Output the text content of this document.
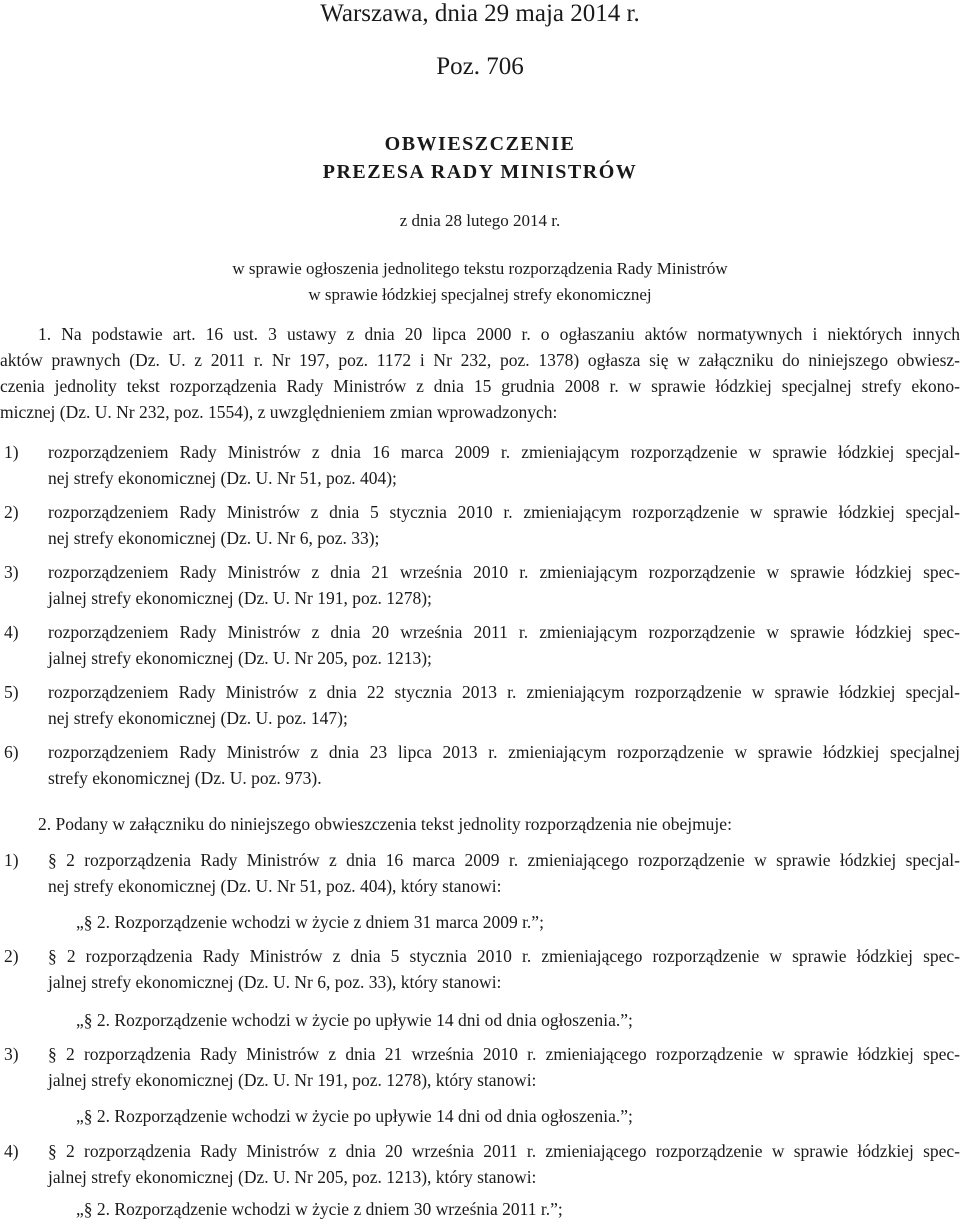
Warszawa, dnia 29 maja 2014 r.
Poz. 706
OBWIESZCZENIE
PREZESA RADY MINISTRÓW
z dnia 28 lutego 2014 r.
w sprawie ogłoszenia jednolitego tekstu rozporządzenia Rady Ministrów
w sprawie łódzkiej specjalnej strefy ekonomicznej
1. Na podstawie art. 16 ust. 3 ustawy z dnia 20 lipca 2000 r. o ogłaszaniu aktów normatywnych i niektórych innych
aktów prawnych (Dz. U. z 2011 r. Nr 197, poz. 1172 i Nr 232, poz. 1378) ogłasza się w załączniku do niniejszego obwiesz-
czenia jednolity tekst rozporządzenia Rady Ministrów z dnia 15 grudnia 2008 r. w sprawie łódzkiej specjalnej strefy ekono-
micznej (Dz. U. Nr 232, poz. 1554), z uwzględnieniem zmian wprowadzonych:
1) rozporządzeniem Rady Ministrów z dnia 16 marca 2009 r. zmieniającym rozporządzenie w sprawie łódzkiej specjal-
nej strefy ekonomicznej (Dz. U. Nr 51, poz. 404);
2) rozporządzeniem Rady Ministrów z dnia 5 stycznia 2010 r. zmieniającym rozporządzenie w sprawie łódzkiej specjal-
nej strefy ekonomicznej (Dz. U. Nr 6, poz. 33);
3) rozporządzeniem Rady Ministrów z dnia 21 września 2010 r. zmieniającym rozporządzenie w sprawie łódzkiej spec-
jalnej strefy ekonomicznej (Dz. U. Nr 191, poz. 1278);
4) rozporządzeniem Rady Ministrów z dnia 20 września 2011 r. zmieniającym rozporządzenie w sprawie łódzkiej spec-
jalnej strefy ekonomicznej (Dz. U. Nr 205, poz. 1213);
5) rozporządzeniem Rady Ministrów z dnia 22 stycznia 2013 r. zmieniającym rozporządzenie w sprawie łódzkiej specjal-
nej strefy ekonomicznej (Dz. U. poz. 147);
6) rozporządzeniem Rady Ministrów z dnia 23 lipca 2013 r. zmieniającym rozporządzenie w sprawie łódzkiej specjalnej
strefy ekonomicznej (Dz. U. poz. 973).
2. Podany w załączniku do niniejszego obwieszczenia tekst jednolity rozporządzenia nie obejmuje:
1) § 2 rozporządzenia Rady Ministrów z dnia 16 marca 2009 r. zmieniającego rozporządzenie w sprawie łódzkiej specjal-
nej strefy ekonomicznej (Dz. U. Nr 51, poz. 404), który stanowi:
„§ 2. Rozporządzenie wchodzi w życie z dniem 31 marca 2009 r.”;
2) § 2 rozporządzenia Rady Ministrów z dnia 5 stycznia 2010 r. zmieniającego rozporządzenie w sprawie łódzkiej spec-
jalnej strefy ekonomicznej (Dz. U. Nr 6, poz. 33), który stanowi:
„§ 2. Rozporządzenie wchodzi w życie po upływie 14 dni od dnia ogłoszenia.”;
3) § 2 rozporządzenia Rady Ministrów z dnia 21 września 2010 r. zmieniającego rozporządzenie w sprawie łódzkiej spec-
jalnej strefy ekonomicznej (Dz. U. Nr 191, poz. 1278), który stanowi:
„§ 2. Rozporządzenie wchodzi w życie po upływie 14 dni od dnia ogłoszenia.”;
4) § 2 rozporządzenia Rady Ministrów z dnia 20 września 2011 r. zmieniającego rozporządzenie w sprawie łódzkiej spec-
jalnej strefy ekonomicznej (Dz. U. Nr 205, poz. 1213), który stanowi:
„§ 2. Rozporządzenie wchodzi w życie z dniem 30 września 2011 r.”;
